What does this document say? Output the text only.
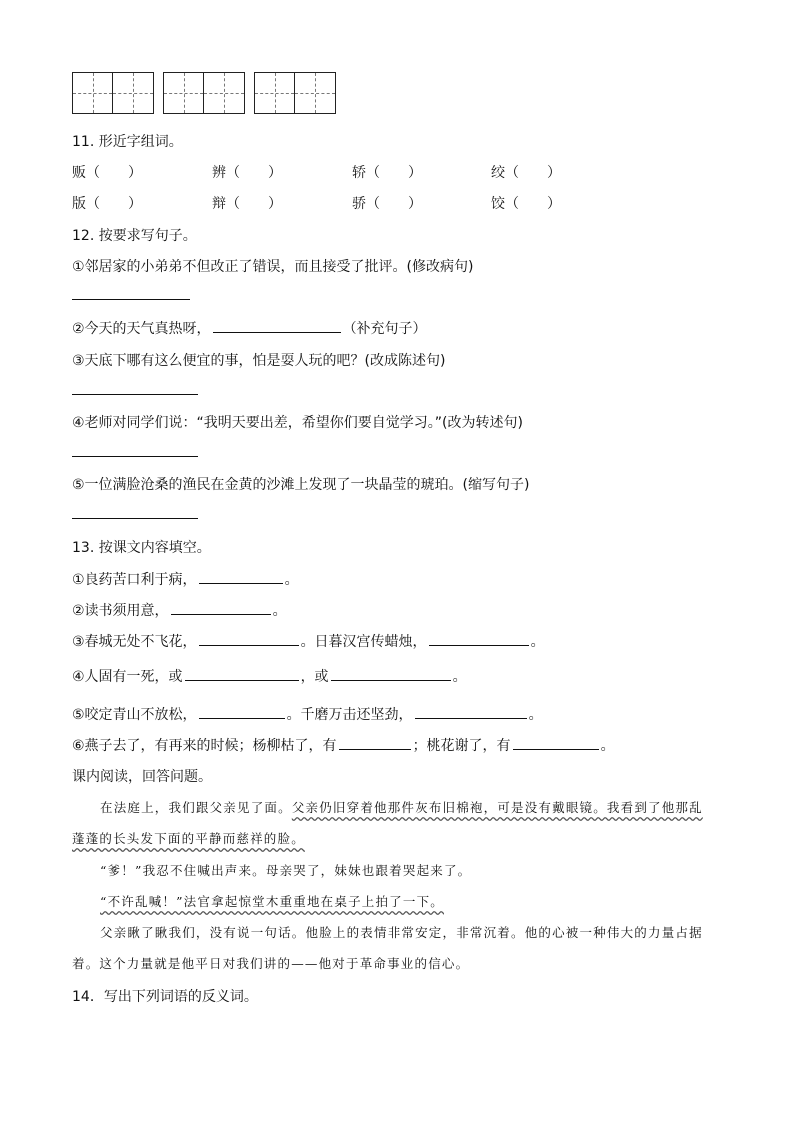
11. 形近字组词。
贩（　　）	辨（　　）	轿（　　）	绞（　　）
版（　　）	辩（　　）	骄（　　）	饺（　　）
12. 按要求写句子。
①邻居家的小弟弟不但改正了错误，而且接受了批评。(修改病句)
②今天的天气真热呀，	（补充句子）
③天底下哪有这么便宜的事，怕是耍人玩的吧？(改成陈述句)
④老师对同学们说：“我明天要出差，希望你们要自觉学习。”(改为转述句)
⑤一位满脸沧桑的渔民在金黄的沙滩上发现了一块晶莹的琥珀。(缩写句子)
13. 按课文内容填空。
①良药苦口利于病，	。
②读书须用意，	。
③春城无处不飞花，	。日暮汉宫传蜡烛，	。
④人固有一死，或	，或	。
⑤咬定青山不放松，	。千磨万击还坚劲，	。
⑥燕子去了，有再来的时候；杨柳枯了，有	；桃花谢了，有	。
课内阅读，回答问题。
在法庭上，我们跟父亲见了面。父亲仍旧穿着他那件灰布旧棉袍，可是没有戴眼镜。我看到了他那乱
蓬蓬的长头发下面的平静而慈祥的脸。
“爹！”我忍不住喊出声来。母亲哭了，妹妹也跟着哭起来了。
“不许乱喊！”法官拿起惊堂木重重地在桌子上拍了一下。
父亲瞅了瞅我们，没有说一句话。他脸上的表情非常安定，非常沉着。他的心被一种伟大的力量占据
着。这个力量就是他平日对我们讲的——他对于革命事业的信心。
14．写出下列词语的反义词。
